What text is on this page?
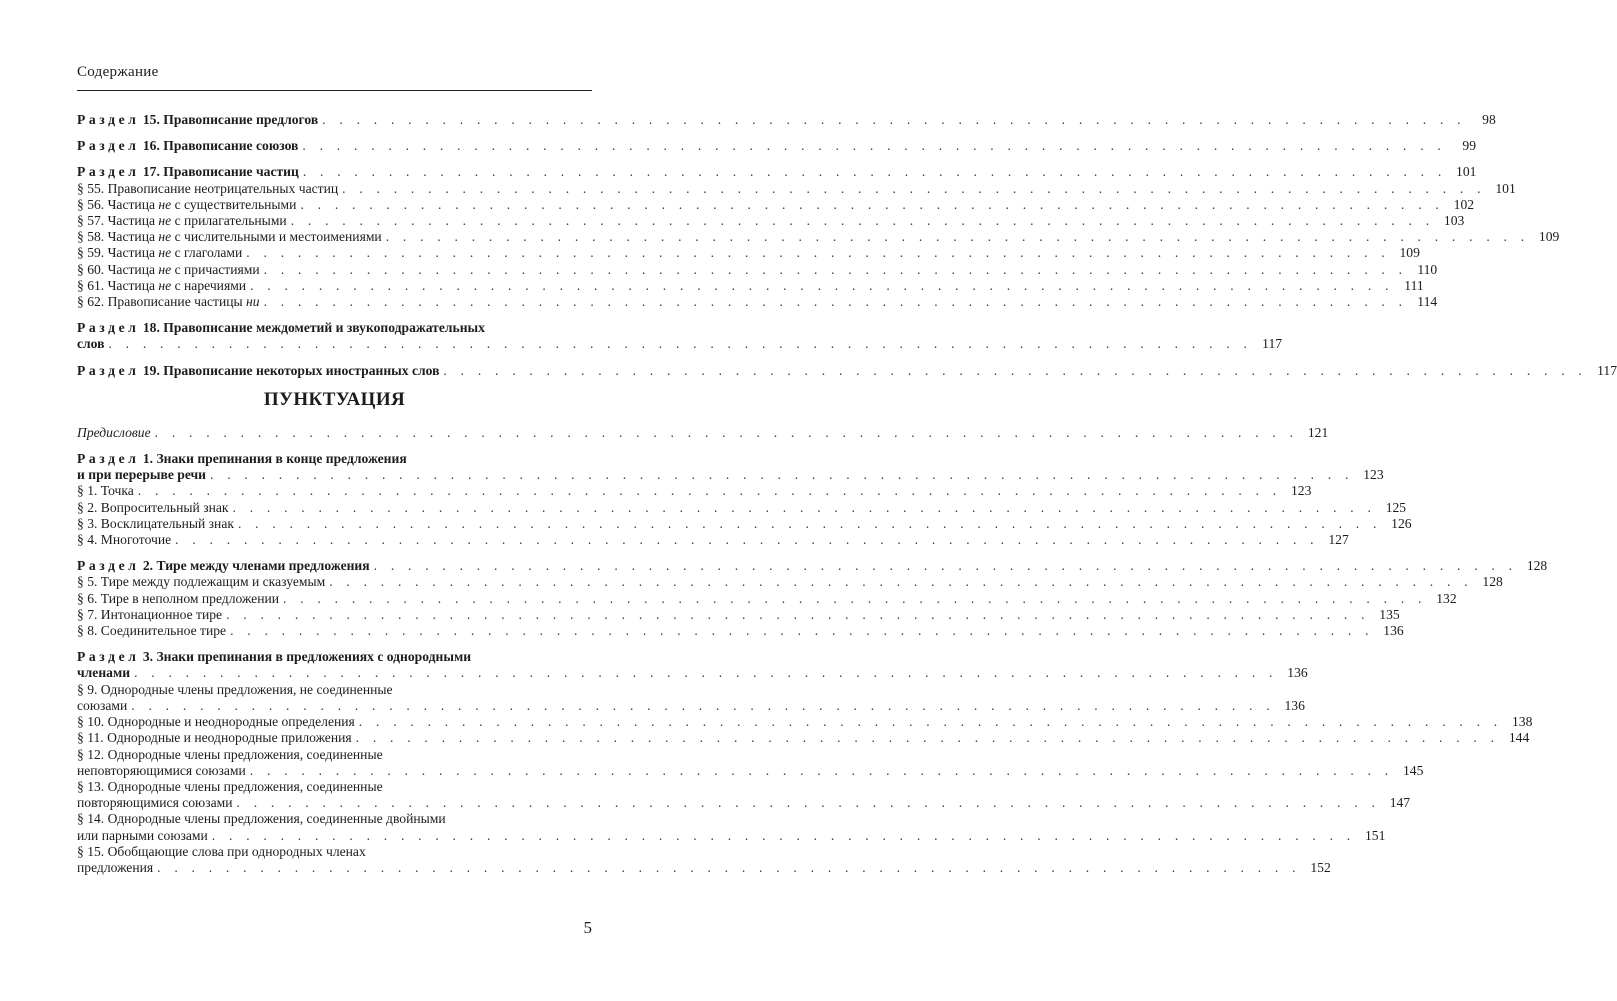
Содержание
Раздел 15. Правописание предлогов . . . . . . . . . . . . . . . . . . . . . . . . . . . . . . . . . . . . . . . . . . . . . . . . . . . . . . . . . . . . . . . . . . .	98
Раздел 16. Правописание союзов . . . . . . . . . . . . . . . . . . . . . . . . . . . . . . . . . . . . . . . . . . . . . . . . . . . . . . . . . . . . . . . . . . .	99
Раздел 17. Правописание частиц . . . . . . . . . . . . . . . . . . . . . . . . . . . . . . . . . . . . . . . . . . . . . . . . . . . . . . . . . . . . . . . . . . . 101
§ 55. Правописание неотрицательных частиц . . . . . . . . . . . . . . . . . . . . . . . . . . . . . . . . . . . . . . . . . . . . . . . . . . . . . . . . . . . . . . . . . . . 101
§ 56. Частица не с существительными . . . . . . . . . . . . . . . . . . . . . . . . . . . . . . . . . . . . . . . . . . . . . . . . . . . . . . . . . . . . . . . . . . . 102
§ 57. Частица не с прилагательными . . . . . . . . . . . . . . . . . . . . . . . . . . . . . . . . . . . . . . . . . . . . . . . . . . . . . . . . . . . . . . . . . . . 103
§ 58. Частица не с числительными и местоимениями . . . . . . . . . . . . . . . . . . . . . . . . . . . . . . . . . . . . . . . . . . . . . . . . . . . . . . . . . . . . . . . . . . . 109
§ 59. Частица не с глаголами . . . . . . . . . . . . . . . . . . . . . . . . . . . . . . . . . . . . . . . . . . . . . . . . . . . . . . . . . . . . . . . . . . . 109
§ 60. Частица не с причастиями . . . . . . . . . . . . . . . . . . . . . . . . . . . . . . . . . . . . . . . . . . . . . . . . . . . . . . . . . . . . . . . . . . . 110
§ 61. Частица не с наречиями . . . . . . . . . . . . . . . . . . . . . . . . . . . . . . . . . . . . . . . . . . . . . . . . . . . . . . . . . . . . . . . . . . . 111
§ 62. Правописание частицы ни . . . . . . . . . . . . . . . . . . . . . . . . . . . . . . . . . . . . . . . . . . . . . . . . . . . . . . . . . . . . . . . . . . . 114
Раздел 18. Правописание междометий и звукоподражательных
слов . . . . . . . . . . . . . . . . . . . . . . . . . . . . . . . . . . . . . . . . . . . . . . . . . . . . . . . . . . . . . . . . . . . 117
Раздел 19. Правописание некоторых иностранных слов . . . . . . . . . . . . . . . . . . . . . . . . . . . . . . . . . . . . . . . . . . . . . . . . . . . . . . . . . . . . . . . . . . . 117
ПУНКТУАЦИЯ
Предисловие . . . . . . . . . . . . . . . . . . . . . . . . . . . . . . . . . . . . . . . . . . . . . . . . . . . . . . . . . . . . . . . . . . . 121
Раздел 1. Знаки препинания в конце предложения
и при перерыве речи . . . . . . . . . . . . . . . . . . . . . . . . . . . . . . . . . . . . . . . . . . . . . . . . . . . . . . . . . . . . . . . . . . . 123
§ 1. Точка . . . . . . . . . . . . . . . . . . . . . . . . . . . . . . . . . . . . . . . . . . . . . . . . . . . . . . . . . . . . . . . . . . . 123
§ 2. Вопросительный знак . . . . . . . . . . . . . . . . . . . . . . . . . . . . . . . . . . . . . . . . . . . . . . . . . . . . . . . . . . . . . . . . . . . 125
§ 3. Восклицательный знак . . . . . . . . . . . . . . . . . . . . . . . . . . . . . . . . . . . . . . . . . . . . . . . . . . . . . . . . . . . . . . . . . . . 126
§ 4. Многоточие . . . . . . . . . . . . . . . . . . . . . . . . . . . . . . . . . . . . . . . . . . . . . . . . . . . . . . . . . . . . . . . . . . . 127
Раздел 2. Тире между членами предложения . . . . . . . . . . . . . . . . . . . . . . . . . . . . . . . . . . . . . . . . . . . . . . . . . . . . . . . . . . . . . . . . . . . 128
§ 5. Тире между подлежащим и сказуемым . . . . . . . . . . . . . . . . . . . . . . . . . . . . . . . . . . . . . . . . . . . . . . . . . . . . . . . . . . . . . . . . . . . 128
§ 6. Тире в неполном предложении . . . . . . . . . . . . . . . . . . . . . . . . . . . . . . . . . . . . . . . . . . . . . . . . . . . . . . . . . . . . . . . . . . . 132
§ 7. Интонационное тире . . . . . . . . . . . . . . . . . . . . . . . . . . . . . . . . . . . . . . . . . . . . . . . . . . . . . . . . . . . . . . . . . . . 135
§ 8. Соединительное тире . . . . . . . . . . . . . . . . . . . . . . . . . . . . . . . . . . . . . . . . . . . . . . . . . . . . . . . . . . . . . . . . . . . 136
Раздел 3. Знаки препинания в предложениях с однородными
членами . . . . . . . . . . . . . . . . . . . . . . . . . . . . . . . . . . . . . . . . . . . . . . . . . . . . . . . . . . . . . . . . . . . 136
§ 9. Однородные члены предложения, не соединенные
союзами . . . . . . . . . . . . . . . . . . . . . . . . . . . . . . . . . . . . . . . . . . . . . . . . . . . . . . . . . . . . . . . . . . . 136
§ 10. Однородные и неоднородные определения . . . . . . . . . . . . . . . . . . . . . . . . . . . . . . . . . . . . . . . . . . . . . . . . . . . . . . . . . . . . . . . . . . . 138
§ 11. Однородные и неоднородные приложения . . . . . . . . . . . . . . . . . . . . . . . . . . . . . . . . . . . . . . . . . . . . . . . . . . . . . . . . . . . . . . . . . . . 144
§ 12. Однородные члены предложения, соединенные
неповторяющимися союзами . . . . . . . . . . . . . . . . . . . . . . . . . . . . . . . . . . . . . . . . . . . . . . . . . . . . . . . . . . . . . . . . . . . 145
§ 13. Однородные члены предложения, соединенные
повторяющимися союзами . . . . . . . . . . . . . . . . . . . . . . . . . . . . . . . . . . . . . . . . . . . . . . . . . . . . . . . . . . . . . . . . . . . 147
§ 14. Однородные члены предложения, соединенные двойными
или парными союзами . . . . . . . . . . . . . . . . . . . . . . . . . . . . . . . . . . . . . . . . . . . . . . . . . . . . . . . . . . . . . . . . . . . 151
§ 15. Обобщающие слова при однородных членах
предложения . . . . . . . . . . . . . . . . . . . . . . . . . . . . . . . . . . . . . . . . . . . . . . . . . . . . . . . . . . . . . . . . . . . 152
5
